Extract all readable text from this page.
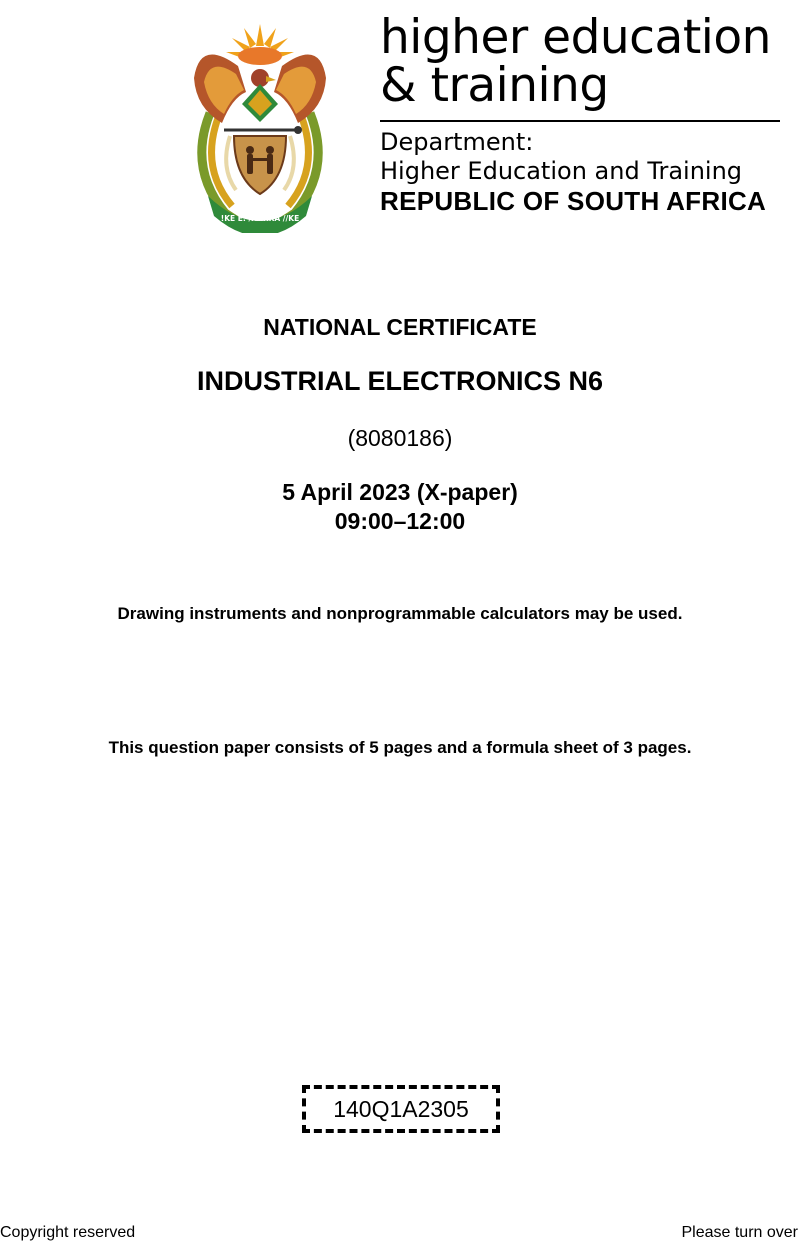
!KE E: /XARRA //KE
higher education
& training
Department:
Higher Education and Training
REPUBLIC OF SOUTH AFRICA
NATIONAL CERTIFICATE
INDUSTRIAL ELECTRONICS N6
(8080186)
5 April 2023 (X-paper)
09:00–12:00
Drawing instruments and nonprogrammable calculators may be used.
This question paper consists of 5 pages and a formula sheet of 3 pages.
140Q1A2305
Copyright reserved	Please turn over
